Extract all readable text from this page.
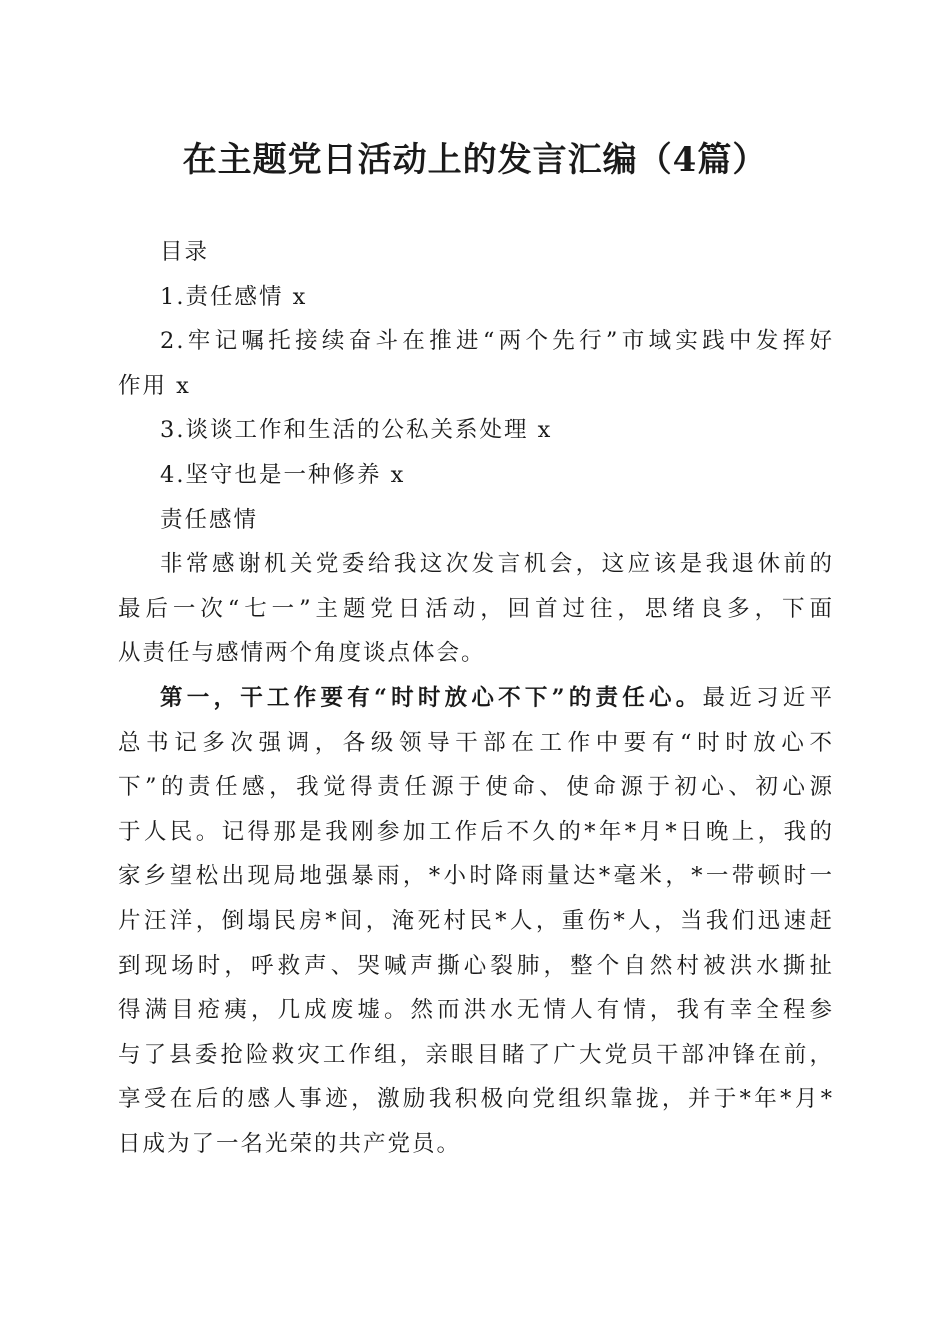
在主题党日活动上的发言汇编（4篇）

目录

1.责任感情 x

2.牢记嘱托接续奋斗在推进“两个先行”市域实践中发挥好

作用 x

3.谈谈工作和生活的公私关系处理 x

4.坚守也是一种修养 x

责任感情

非常感谢机关党委给我这次发言机会，这应该是我退休前的

最后一次“七一”主题党日活动，回首过往，思绪良多，下面

从责任与感情两个角度谈点体会。

第一，干工作要有“时时放心不下”的责任心。最近习近平

总书记多次强调，各级领导干部在工作中要有“时时放心不

下”的责任感，我觉得责任源于使命、使命源于初心、初心源

于人民。记得那是我刚参加工作后不久的*年*月*日晚上，我的

家乡望松出现局地强暴雨，*小时降雨量达*毫米，*一带顿时一

片汪洋，倒塌民房*间，淹死村民*人，重伤*人，当我们迅速赶

到现场时，呼救声、哭喊声撕心裂肺，整个自然村被洪水撕扯

得满目疮痍，几成废墟。然而洪水无情人有情，我有幸全程参

与了县委抢险救灾工作组，亲眼目睹了广大党员干部冲锋在前，

享受在后的感人事迹，激励我积极向党组织靠拢，并于*年*月*

日成为了一名光荣的共产党员。
